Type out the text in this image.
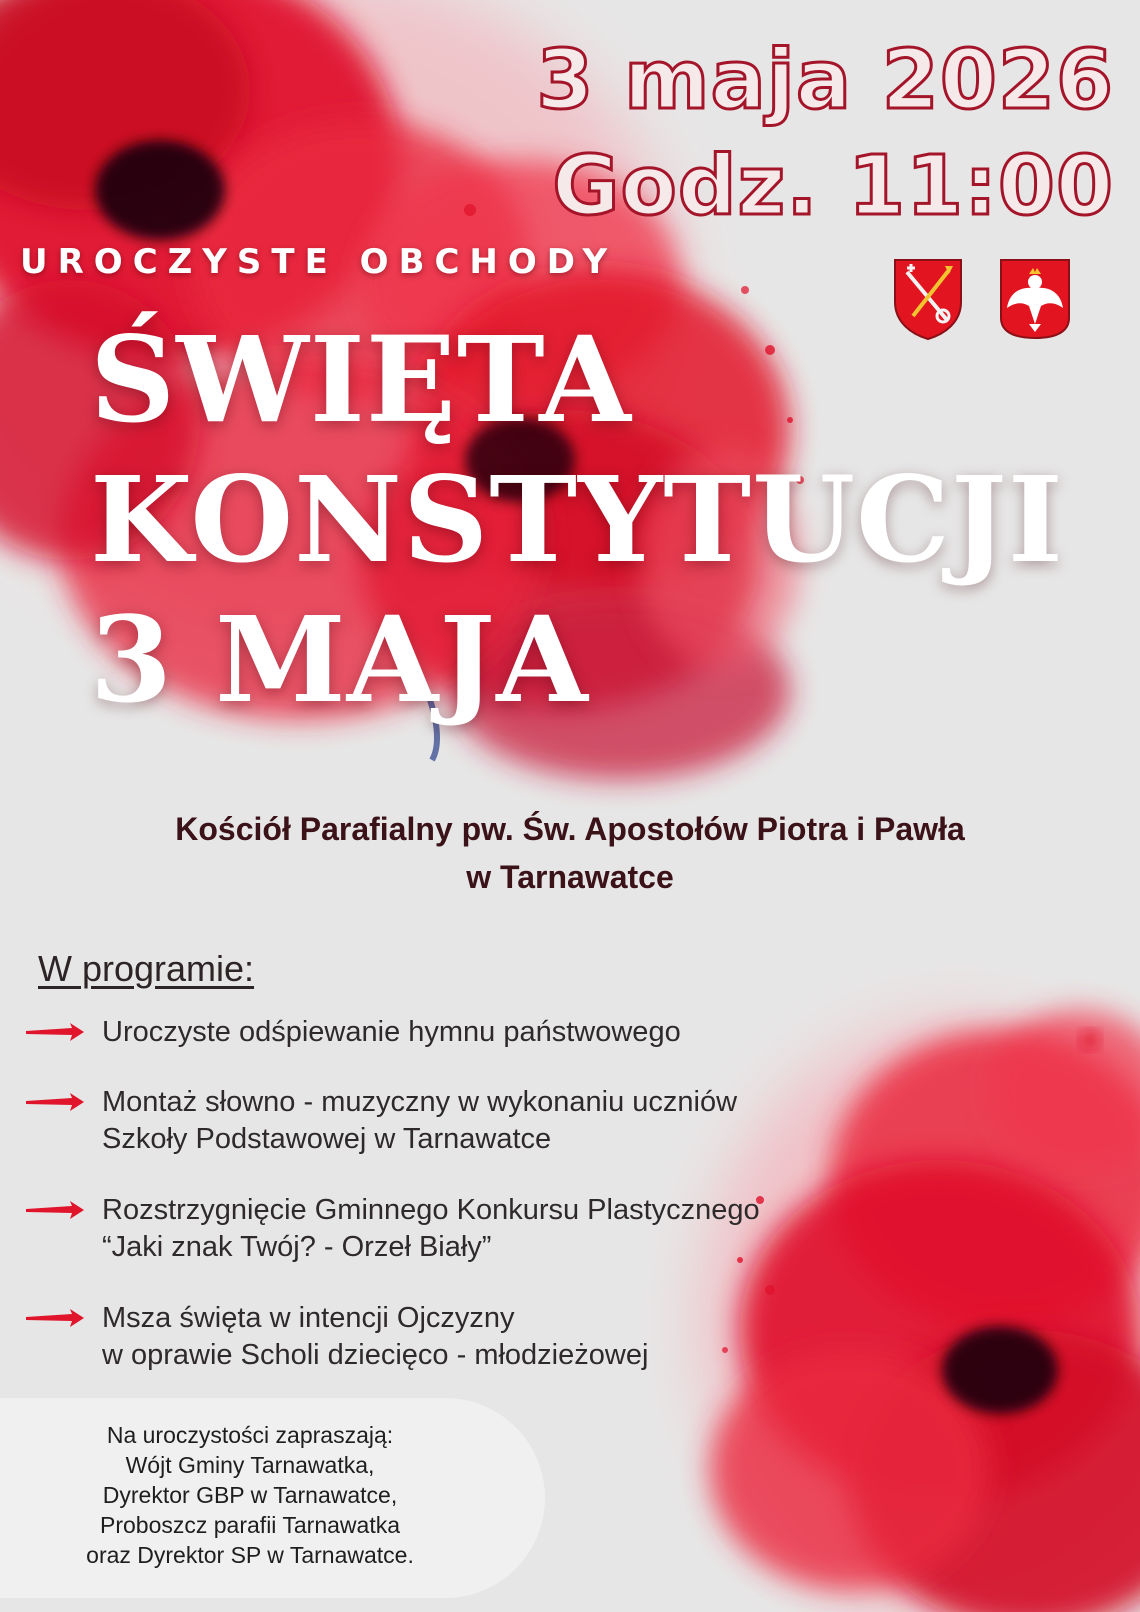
3 maja 2026
Godz. 11:00
UROCZYSTE OBCHODY
ŚWIĘTA
KONSTYTUCJI
3 MAJA
Kościół Parafialny pw. Św. Apostołów Piotra i Pawła
w Tarnawatce
W programie:
Uroczyste odśpiewanie hymnu państwowego
Montaż słowno - muzyczny w wykonaniu uczniów
Szkoły Podstawowej w Tarnawatce
Rozstrzygnięcie Gminnego Konkursu Plastycznego
“Jaki znak Twój? - Orzeł Biały”
Msza święta w intencji Ojczyzny
w oprawie Scholi dziecięco - młodzieżowej
Na uroczystości zapraszają:
Wójt Gminy Tarnawatka,
Dyrektor GBP w Tarnawatce,
Proboszcz parafii Tarnawatka
oraz Dyrektor SP w Tarnawatce.
